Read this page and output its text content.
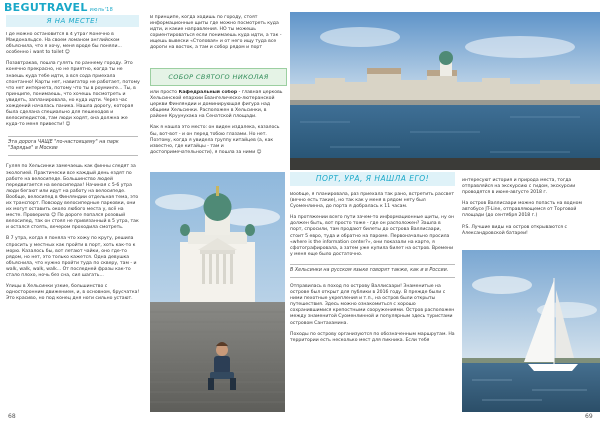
BEGUTRAVEL июль'18
Я НА МЕСТЕ!

Где можно остановится в 4 утра? Конечно в Макдональдсе. На своем ломаном английском объяснила, что я хочу, меня вроде бы поняли... особенно i want to toilet ☺

Позавтракав, пошла гулять по раннему городу. Это конечно прекрасно, но не приятно, когда ты не знаешь куда тебе идти, а вся сода приехала спонтанно! Карты нет, навигатор не работает, потому что нет интернета, потому что ты в роуминге... Ты, в принципе, понимаешь, что хочешь посмотреть и увидеть, запланировала, но куда идти. Через час хождений началась паника. Нашла дорогу, которая была сделана специально для пешеходов и велосипедистов, там люди ходят, она должна же куда-то меня привести! ☺

Эта дорога ЧАЩЕ "по-настоящему" на парк "Зарядье" в Москве

Гуляя по Хельсинки замечаешь как финны следят за экологией. Практически все каждый день ездят по работе на велосипеде. Большинство людей передвигается на велосипедах! Начиная с 5-6 утра люди бегают или идут на работу на велосипеде. Вообще, велосипед в Финляндии отдельная тема, это их транспорт. Повсюду велосипедные парковки, они их могут оставить около любого места у, всё на месте. Проверила ☺ По дороге попался розовый велосипед, так он стоял не привязанный в 5 утра, так и остался стоять, вечером проходила смотреть.

В 7 утра, когда я поняла что хожу по кругу, решила спросить у местных как пройти в порт, хоть как-то к морю. Казалось бы, вот летают чайки, оно где-то рядом, но нет, это только кажется. Одна девушка объяснила, что нужно пройти туда по скверу, там - и walk, walk, walk, walk... От последней фразы как-то стало плохо, ночь без сна, сил шагать...

Улицы в Хельсинки узкие, большинство с односторонним движением, и, в основном, брусчатка! Это красиво, но под конец дня ноги сильно устают.

В принципе, когда ходишь по городу, стоят информационные щиты где можно посмотреть куда идти, и какие направления. НО ты можешь сориентироваться если понимаешь куда идти, а так - ищешь вывески «Столовая» и от него ищу туда все дороги на восток, а там и собор рядом и порт

СОБОР СВЯТОГО НИКОЛАЯ

или просто Кафедральный собор - главная церковь Хельсинской епархии Евангелическо-лютеранской церкви Финляндии и доминирующая фигура над общими Хельсинки. Расположен в Хельсинки, в районе Круунухака на Сенатской площади.

Как я нашла это место: он виден издалека, казалось бы, вот-вот - и он перед тобою глазами. Но нет. Поэтому, когда я увидела группу китайцев (а, как известно, где китайцы - там и достопримечательности), я пошла за ними ☺

68
ПОРТ, УРА, Я НАШЛА ЕГО!

Вообще, я планировала, раз приехала так рано, встретить рассвет (вечно есть такие), но так как у меня в рядом нету был Суоменлинна, до порта я добралась к 11 часам.

На протяжении всего пути зачем-то информационные щиты, ну он должен быть, вот просто тоже - где он расположен? Зашла в порт, спросили, там продают билеты до острова Валлисаари, стоит 5 евро, туда и обратно на пароме. Первоначально просила «where is the information center?», они показали на карте, я сфотографировала, а затем уже купила билет на остров. Времени у меня еще было достаточно.

В Хельсинки на русском языке говорят также, как и в России.

Отправилась в поход по острову Валлисаари! Знаменитые на острове был открыт для публики в 2016 году. В прежде были с ними пехотные укрепления и т.п., на остров были открыты путешествия. Здесь можно ознакомиться с хорошо сохранившимися крепостными сооружениями. Остров расположен между знаменитой Суоменлинной и популярным здесь туристами островом Сантахамина.

Походы по острову организуются по обозначенным маршрутам. На территории есть несколько мест для пикника. Если тебя

интересуют история и природа места, тогда отправляйся на экскурсию с гидом, экскурсии проводятся в июне-августе 2018 г.

На остров Валлисаари можно попасть на водном автобусе JT-Line, отправляющемся от Торговой площади (до сентября 2018 г.)

P.S. Лучшие виды на остров открываются с Александровской батареи!

69
